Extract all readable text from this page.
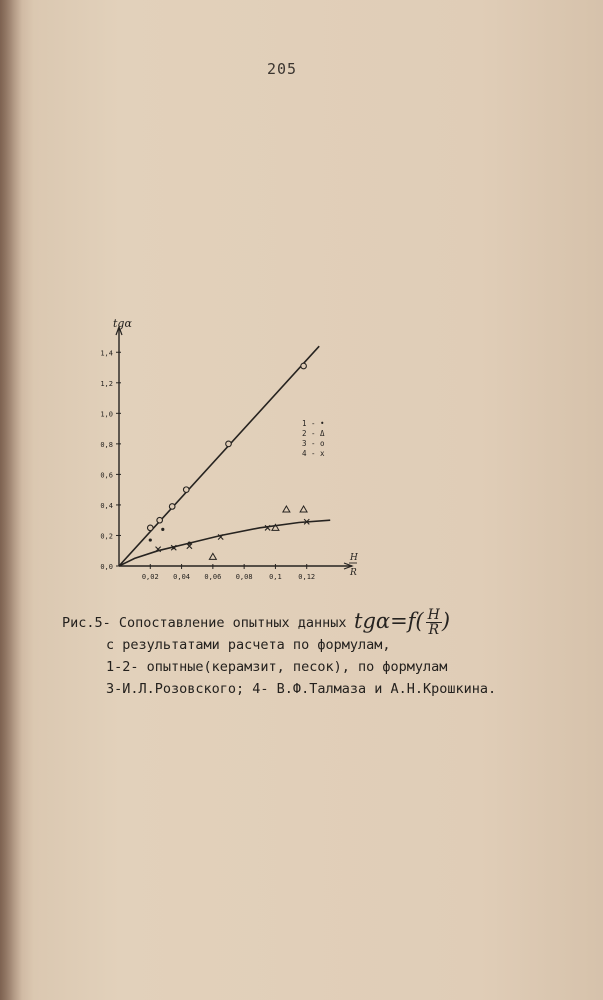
205
tgα
H
R
0,0
0,2
0,4
0,6
0,8
1,0
1,2
1,4
0,02 0,04 0,06 0,08 0,1 0,12
1 - •
2 - Δ
3 - o
4 - x
Рис.5- Сопоставление опытных данных
с результатами расчета по формулам,
1-2- опытные(керамзит, песок), по формулам
3-И.Л.Розовского; 4- В.Ф.Талмаза и А.Н.Крошкина.
$tg\alpha=f( \frac{H}{R}$ )
